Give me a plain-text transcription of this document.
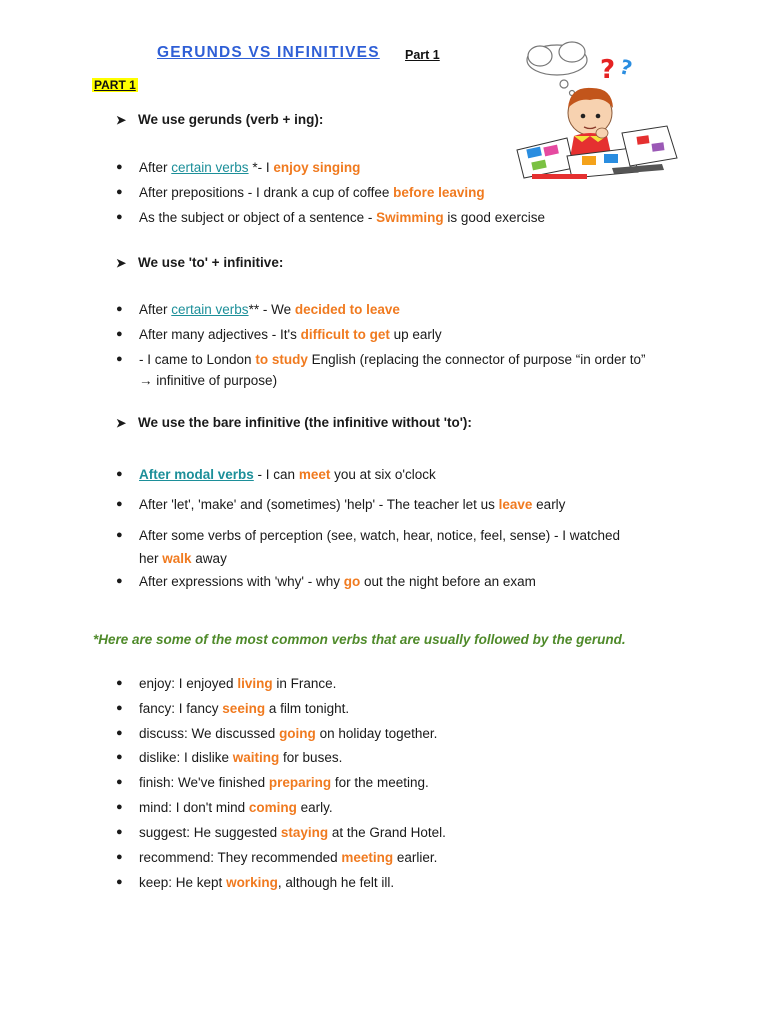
GERUNDS VS INFINITIVES Part 1
PART 1	? ?
➤ We use gerunds (verb + ing):
● After certain verbs *- I enjoy singing
● After prepositions - I drank a cup of coffee before leaving
● As the subject or object of a sentence - Swimming is good exercise
➤ We use 'to' + infinitive:
● After certain verbs** - We decided to leave
● After many adjectives - It's difficult to get up early
● - I came to London to study English (replacing the connector of purpose “in order to”
→ infinitive of purpose)
➤ We use the bare infinitive (the infinitive without 'to'):
● After modal verbs - I can meet you at six o'clock
● After 'let', 'make' and (sometimes) 'help' - The teacher let us leave early
● After some verbs of perception (see, watch, hear, notice, feel, sense) - I watched
her walk away
● After expressions with 'why' - why go out the night before an exam
*Here are some of the most common verbs that are usually followed by the gerund.
● enjoy: I enjoyed living in France.
● fancy: I fancy seeing a film tonight.
● discuss: We discussed going on holiday together.
● dislike: I dislike waiting for buses.
● finish: We've finished preparing for the meeting.
● mind: I don't mind coming early.
● suggest: He suggested staying at the Grand Hotel.
● recommend: They recommended meeting earlier.
● keep: He kept working, although he felt ill.
